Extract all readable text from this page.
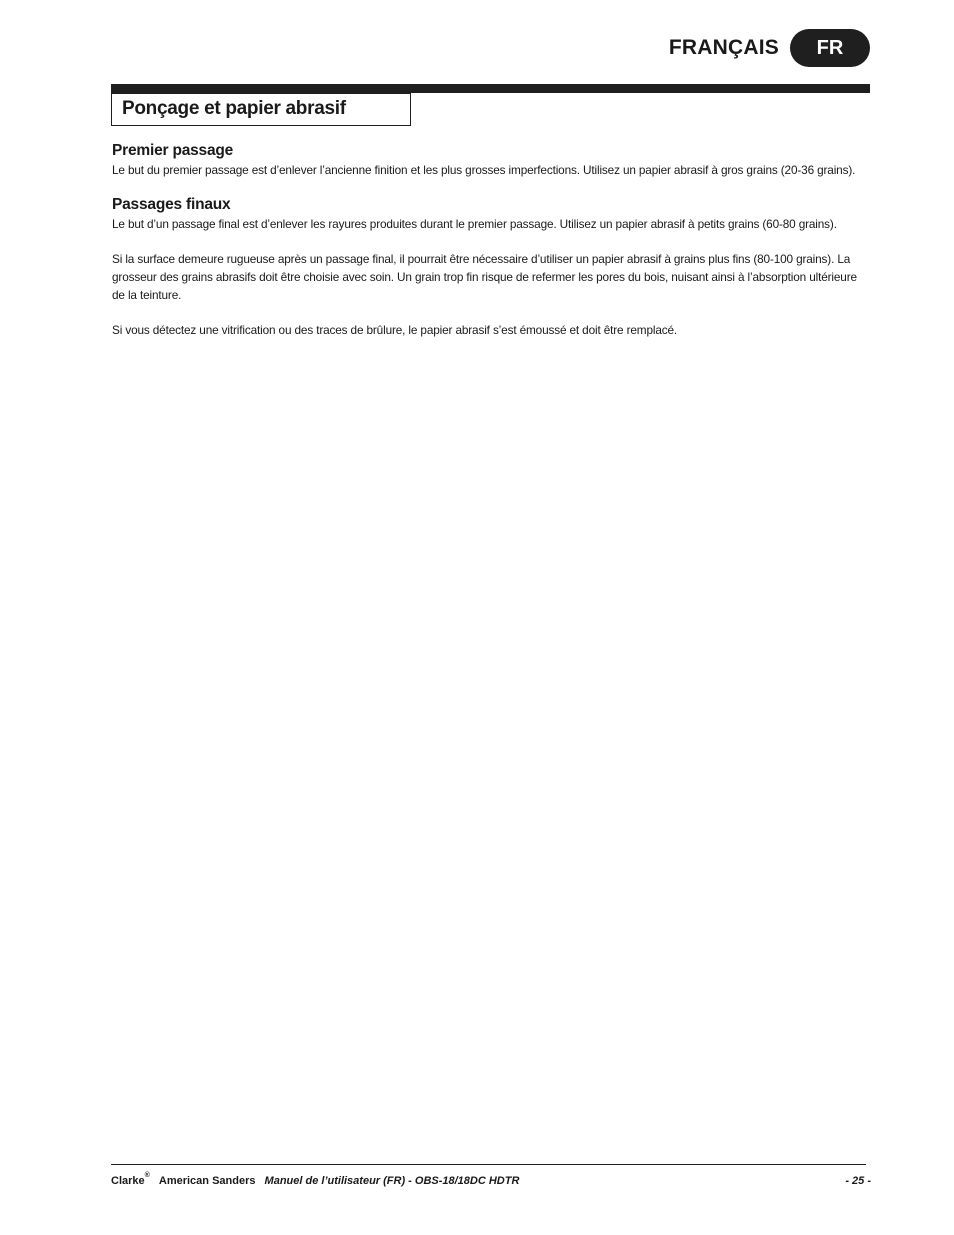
FRANÇAIS	FR
Ponçage et papier abrasif
Premier passage

Le but du premier passage est d’enlever l’ancienne finition et les plus grosses imperfections. Utilisez un papier abrasif à gros grains (20-36 grains).

Passages finaux

Le but d’un passage final est d’enlever les rayures produites durant le premier passage. Utilisez un papier abrasif à petits grains (60-80 grains).

Si la surface demeure rugueuse après un passage final, il pourrait être nécessaire d’utiliser un papier abrasif à grains plus fins (80-100 grains). La grosseur des grains abrasifs doit être choisie avec soin. Un grain trop fin risque de refermer les pores du bois, nuisant ainsi à l’absorption ultérieure de la teinture.

Si vous détectez une vitrification ou des traces de brûlure, le papier abrasif s’est émoussé et doit être remplacé.

Clarke® American Sanders Manuel de l’utilisateur (FR) - OBS-18/18DC HDTR	- 25 -
